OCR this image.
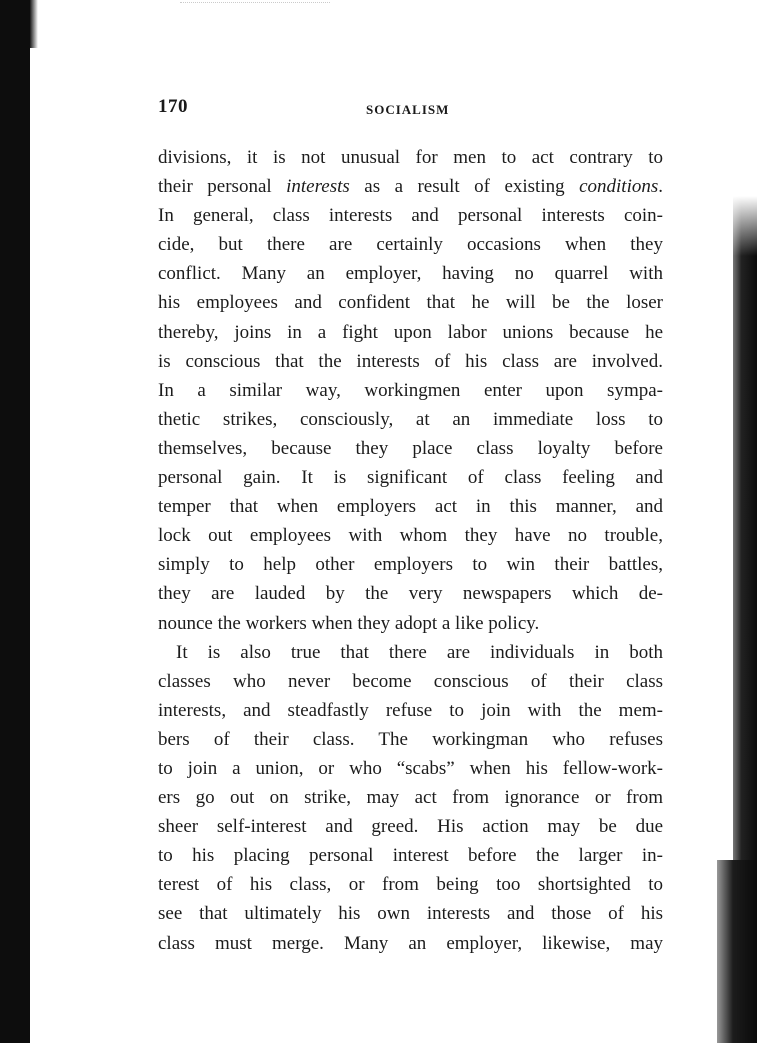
170	SOCIALISM
divisions, it is not unusual for men to act contrary to
their personal interests as a result of existing conditions.
In general, class interests and personal interests coin-
cide, but there are certainly occasions when they
conflict. Many an employer, having no quarrel with
his employees and confident that he will be the loser
thereby, joins in a fight upon labor unions because he
is conscious that the interests of his class are involved.
In a similar way, workingmen enter upon sympa-
thetic strikes, consciously, at an immediate loss to
themselves, because they place class loyalty before
personal gain. It is significant of class feeling and
temper that when employers act in this manner, and
lock out employees with whom they have no trouble,
simply to help other employers to win their battles,
they are lauded by the very newspapers which de-
nounce the workers when they adopt a like policy.
It is also true that there are individuals in both
classes who never become conscious of their class
interests, and steadfastly refuse to join with the mem-
bers of their class. The workingman who refuses
to join a union, or who “scabs” when his fellow-work-
ers go out on strike, may act from ignorance or from
sheer self-interest and greed. His action may be due
to his placing personal interest before the larger in-
terest of his class, or from being too shortsighted to
see that ultimately his own interests and those of his
class must merge. Many an employer, likewise, may
